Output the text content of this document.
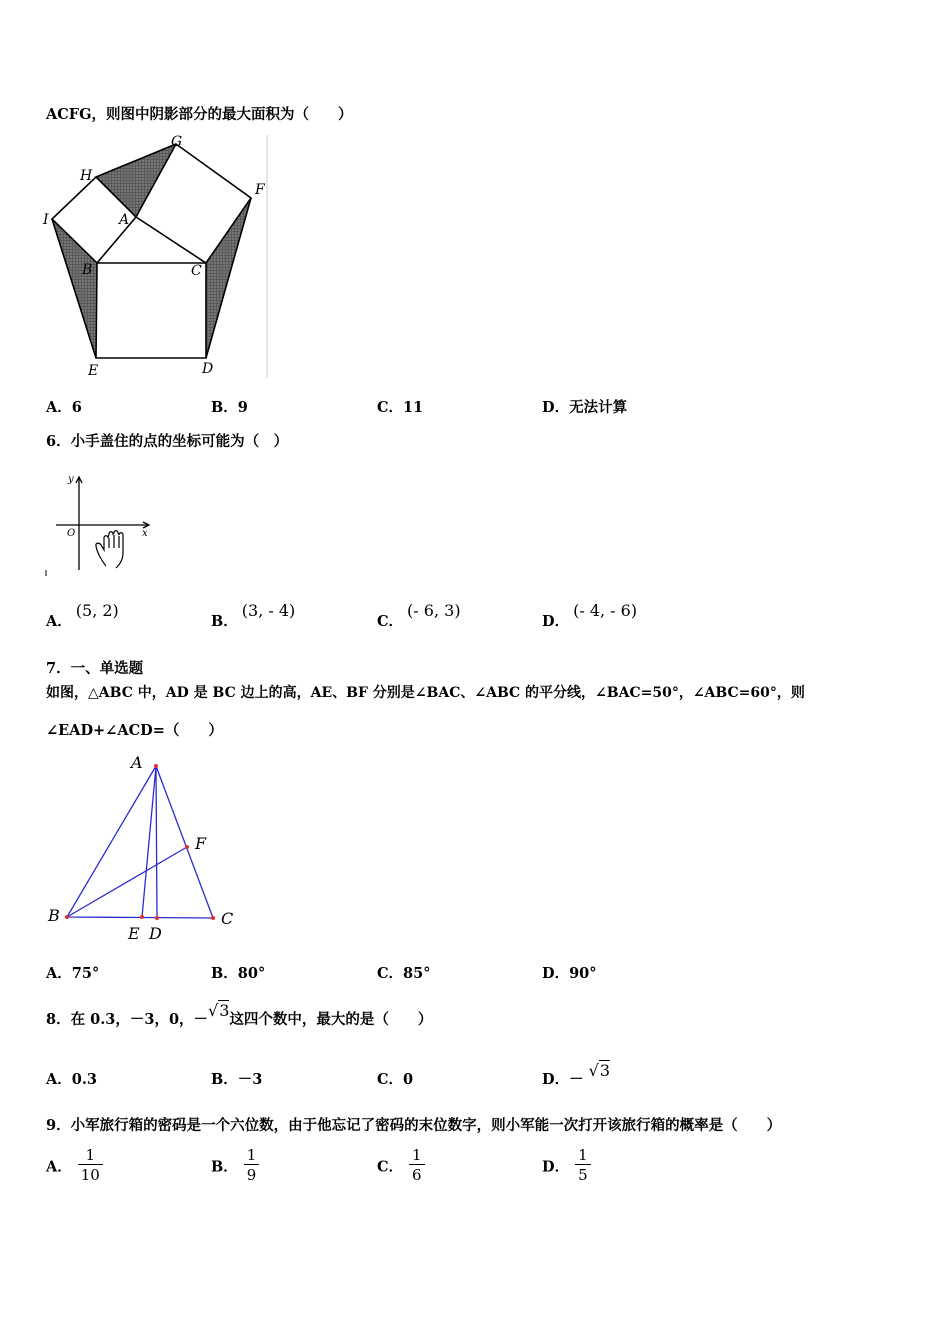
ACFG，则图中阴影部分的最大面积为（　　）
G
H
F
I	A
B	C
E	D
A．6	B．9	C．11	D．无法计算
6．小手盖住的点的坐标可能为（　）
y
O	x
A．(5, 2)
B．(3, - 4)
C．(- 6, 3)
D．(- 4, - 6)
7．一、单选题
如图，△ABC 中，AD 是 BC 边上的高，AE、BF 分别是∠BAC、∠ABC 的平分线，∠BAC=50°，∠ABC=60°，则
∠EAD+∠ACD=（　　）
A
F
B	C
E D
A．75°	B．80°	C．85°	D．90°
8．在 0.3，－3，0，－√3这四个数中，最大的是（　　）
A．0.3	B．－3	C．0	D．－ √3
9．小军旅行箱的密码是一个六位数，由于他忘记了密码的末位数字，则小军能一次打开该旅行箱的概率是（　　）
A． $\frac{1}{10}$	B． $\frac{1}{9}$	C． $\frac{1}{6}$	D． $\frac{1}{5}$
